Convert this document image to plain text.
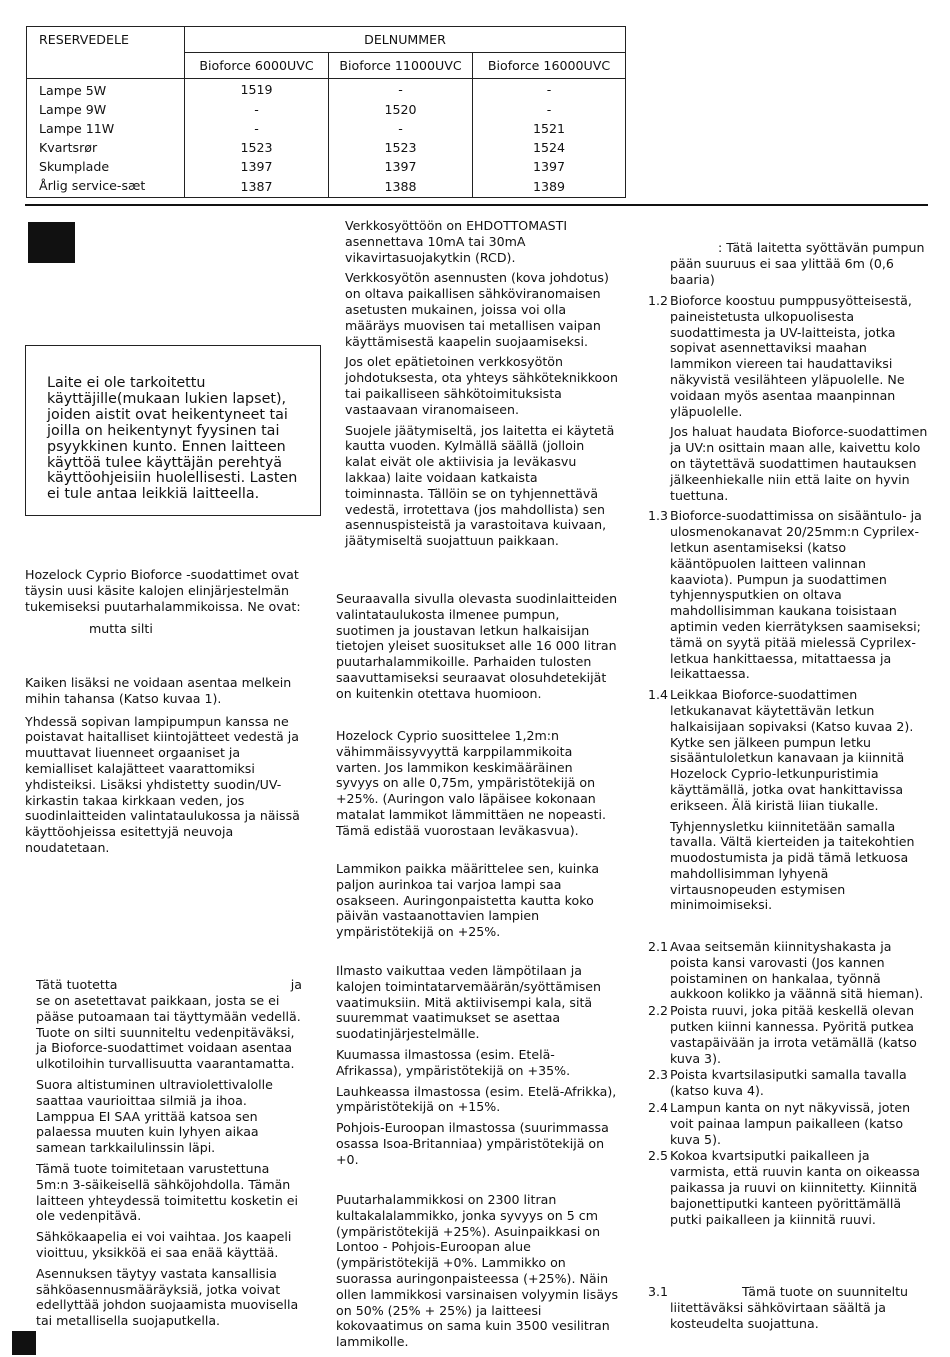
RESERVEDELE	DELNUMMER		
	Bioforce 6000UVC	Bioforce 11000UVC	Bioforce 16000UVC
Lampe 5W	1519	-	-
Lampe 9W	-	1520	-
Lampe 11W	-	-	1521
Kvartsrør	1523	1523	1524
Skumplade	1397	1397	1397
Årlig service-sæt	1387	1388	1389

Laite ei ole tarkoitettu käyttäjille(mukaan lukien lapset), joiden aistit ovat heikentyneet tai joilla on heikentynyt fyysinen tai psyykkinen kunto. Ennen laitteen käyttöä tulee käyttäjän perehtyä käyttöohjeisiin huolellisesti. Lasten ei tule antaa leikkiä laitteella.

Hozelock Cyprio Bioforce -suodattimet ovat täysin uusi käsite kalojen elinjärjestelmän tukemiseksi puutarhalammikoissa. Ne ovat:

mutta silti

Kaiken lisäksi ne voidaan asentaa melkein mihin tahansa (Katso kuvaa 1).

Yhdessä sopivan lampipumpun kanssa ne poistavat haitalliset kiintojätteet vedestä ja muuttavat liuenneet orgaaniset ja kemialliset kalajätteet vaarattomiksi yhdisteiksi. Lisäksi yhdistetty suodin/UV-kirkastin takaa kirkkaan veden, jos suodinlaitteiden valintataulukossa ja näissä käyttöohjeissa esitettyjä neuvoja noudatetaan.

Tätä tuotetta	ja

se on asetettavat paikkaan, josta se ei pääse putoamaan tai täyttymään vedellä. Tuote on silti suunniteltu vedenpitäväksi, ja Bioforce-suodattimet voidaan asentaa ulkotiloihin turvallisuutta vaarantamatta.

Suora altistuminen ultraviolettivalolle saattaa vaurioittaa silmiä ja ihoa. Lamppua EI SAA yrittää katsoa sen palaessa muuten kuin lyhyen aikaa samean tarkkailulinssin läpi.

Tämä tuote toimitetaan varustettuna 5m:n 3-säikeisellä sähköjohdolla. Tämän laitteen yhteydessä toimitettu kosketin ei ole vedenpitävä.

Sähkökaapelia ei voi vaihtaa. Jos kaapeli vioittuu, yksikköä ei saa enää käyttää.

Asennuksen täytyy vastata kansallisia sähköasennusmääräyksiä, jotka voivat edellyttää johdon suojaamista muovisella tai metallisella suojaputkella.

Verkkosyöttöön on EHDOTTOMASTI asennettava 10mA tai 30mA vikavirtasuojakytkin (RCD).

Verkkosyötön asennusten (kova johdotus) on oltava paikallisen sähköviranomaisen asetusten mukainen, joissa voi olla määräys muovisen tai metallisen vaipan käyttämisestä kaapelin suojaamiseksi.

Jos olet epätietoinen verkkosyötön johdotuksesta, ota yhteys sähköteknikkoon tai paikalliseen sähkötoimituksista vastaavaan viranomaiseen.

Suojele jäätymiseltä, jos laitetta ei käytetä kautta vuoden. Kylmällä säällä (jolloin kalat eivät ole aktiivisia ja leväkasvu lakkaa) laite voidaan katkaista toiminnasta. Tällöin se on tyhjennettävä vedestä, irrotettava (jos mahdollista) sen asennuspisteistä ja varastoitava kuivaan, jäätymiseltä suojattuun paikkaan.

Seuraavalla sivulla olevasta suodinlaitteiden valintataulukosta ilmenee pumpun, suotimen ja joustavan letkun halkaisijan tietojen yleiset suositukset alle 16 000 litran puutarhalammikoille. Parhaiden tulosten saavuttamiseksi seuraavat olosuhdetekijät on kuitenkin otettava huomioon.

Hozelock Cyprio suosittelee 1,2m:n vähimmäissyvyyttä karppilammikoita varten. Jos lammikon keskimääräinen syvyys on alle 0,75m, ympäristötekijä on +25%. (Auringon valo läpäisee kokonaan matalat lammikot lämmittäen ne nopeasti. Tämä edistää vuorostaan leväkasvua).

Lammikon paikka määrittelee sen, kuinka paljon aurinkoa tai varjoa lampi saa osakseen. Auringonpaistetta kautta koko päivän vastaanottavien lampien ympäristötekijä on +25%.

Ilmasto vaikuttaa veden lämpötilaan ja kalojen toimintatarvemäärän/syöttämisen vaatimuksiin. Mitä aktiivisempi kala, sitä suuremmat vaatimukset se asettaa suodatinjärjestelmälle.

Kuumassa ilmastossa (esim. Etelä-Afrikassa), ympäristötekijä on +35%.

Lauhkeassa ilmastossa (esim. Etelä-Afrikka), ympäristötekijä on +15%.

Pohjois-Euroopan ilmastossa (suurimmassa osassa Isoa-Britanniaa) ympäristötekijä on +0.

Puutarhalammikkosi on 2300 litran kultakalalammikko, jonka syvyys on 5 cm (ympäristötekijä +25%). Asuinpaikkasi on Lontoo - Pohjois-Euroopan alue (ympäristötekijä +0%. Lammikko on suorassa auringonpaisteessa (+25%). Näin ollen lammikkosi varsinaisen volyymin lisäys on 50% (25% + 25%) ja laitteesi kokovaatimus on sama kuin 3500 vesilitran lammikolle.

: Tätä laitetta syöttävän pumpun pään suuruus ei saa ylittää 6m (0,6 baaria)

1.2 Bioforce koostuu pumppusyötteisestä, paineistetusta ulkopuolisesta suodattimesta ja UV-laitteista, jotka sopivat asennettaviksi maahan lammikon viereen tai haudattaviksi näkyvistä vesilähteen yläpuolelle. Ne voidaan myös asentaa maanpinnan yläpuolelle.

Jos haluat haudata Bioforce-suodattimen ja UV:n osittain maan alle, kaivettu kolo on täytettävä suodattimen hautauksen jälkeenhiekalle niin että laite on hyvin tuettuna.

1.3 Bioforce-suodattimissa on sisääntulo- ja ulosmenokanavat 20/25mm:n Cyprilex-letkun asentamiseksi (katso kääntöpuolen laitteen valinnan kaaviota). Pumpun ja suodattimen tyhjennysputkien on oltava mahdollisimman kaukana toisistaan aptimin veden kierrätyksen saamiseksi; tämä on syytä pitää mielessä Cyprilex-letkua hankittaessa, mitattaessa ja leikattaessa.

1.4 Leikkaa Bioforce-suodattimen letkukanavat käytettävän letkun halkaisijaan sopivaksi (Katso kuvaa 2). Kytke sen jälkeen pumpun letku sisääntuloletkun kanavaan ja kiinnitä Hozelock Cyprio-letkunpuristimia käyttämällä, jotka ovat hankittavissa erikseen. Älä kiristä liian tiukalle.

Tyhjennysletku kiinnitetään samalla tavalla. Vältä kierteiden ja taitekohtien muodostumista ja pidä tämä letkuosa mahdollisimman lyhyenä virtausnopeuden estymisen minimoimiseksi.

2.1 Avaa seitsemän kiinnityshakasta ja poista kansi varovasti (Jos kannen poistaminen on hankalaa, työnnä aukkoon kolikko ja väännä sitä hieman).

2.2 Poista ruuvi, joka pitää keskellä olevan putken kiinni kannessa. Pyöritä putkea vastapäivään ja irrota vetämällä (katso kuva 3).

2.3 Poista kvartsilasiputki samalla tavalla (katso kuva 4).

2.4 Lampun kanta on nyt näkyvissä, joten voit painaa lampun paikalleen (katso kuva 5).

2.5 Kokoa kvartsiputki paikalleen ja varmista, että ruuvin kanta on oikeassa paikassa ja ruuvi on kiinnitetty. Kiinnitä bajonettiputki kanteen pyörittämällä putki paikalleen ja kiinnitä ruuvi.

3.1	Tämä tuote on suunniteltu liitettäväksi sähkövirtaan säältä ja kosteudelta suojattuna.
